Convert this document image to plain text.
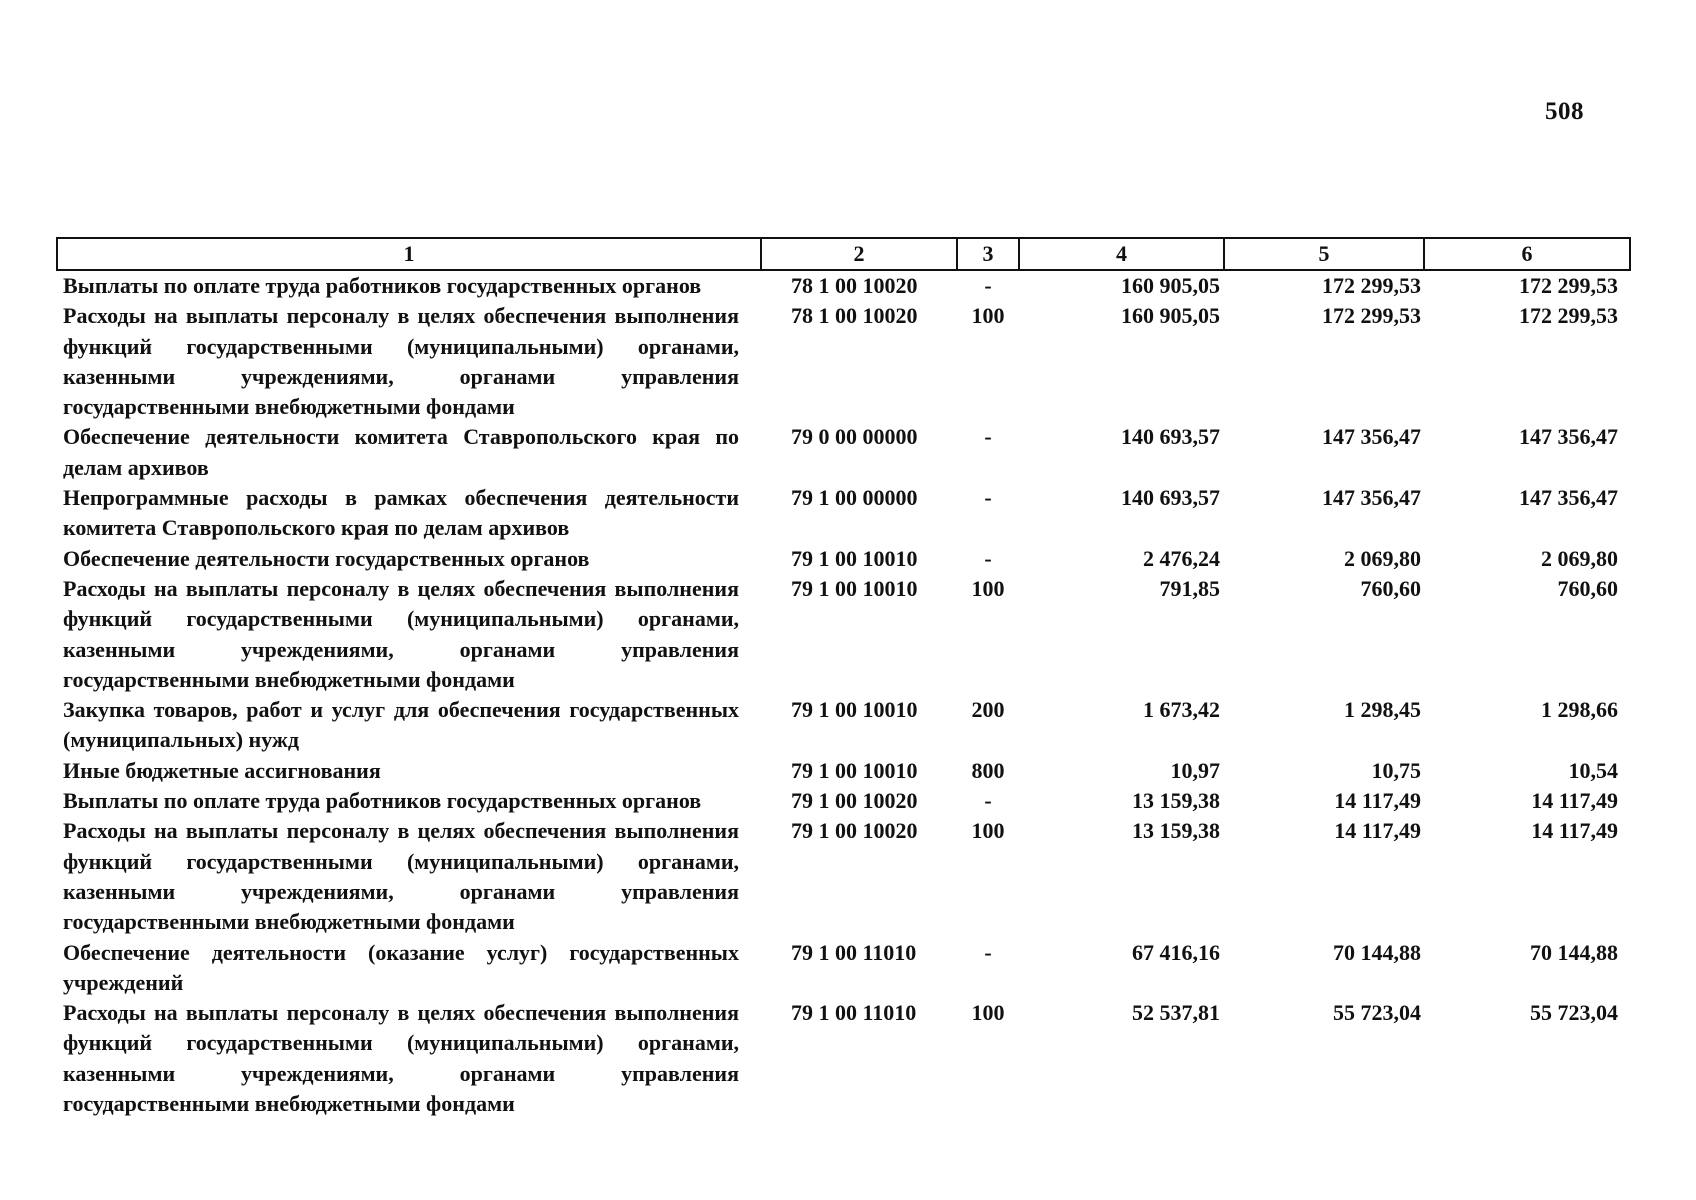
508
1	2	3	4	5	6
Выплаты по оплате труда работников государственных органов	78 1 00 10020	-	160 905,05	172 299,53	172 299,53
Расходы на выплаты персоналу в целях обеспечения выполнения функций государственными (муниципальными) органами, казенными учреждениями, органами управления государственными внебюджетными фондами	78 1 00 10020	100	160 905,05	172 299,53	172 299,53
Обеспечение деятельности комитета Ставропольского края по делам архивов	79 0 00 00000	-	140 693,57	147 356,47	147 356,47
Непрограммные расходы в рамках обеспечения деятельности комитета Ставропольского края по делам архивов	79 1 00 00000	-	140 693,57	147 356,47	147 356,47
Обеспечение деятельности государственных органов	79 1 00 10010	-	2 476,24	2 069,80	2 069,80
Расходы на выплаты персоналу в целях обеспечения выполнения функций государственными (муниципальными) органами, казенными учреждениями, органами управления государственными внебюджетными фондами	79 1 00 10010	100	791,85	760,60	760,60
Закупка товаров, работ и услуг для обеспечения государственных (муниципальных) нужд	79 1 00 10010	200	1 673,42	1 298,45	1 298,66
Иные бюджетные ассигнования	79 1 00 10010	800	10,97	10,75	10,54
Выплаты по оплате труда работников государственных органов	79 1 00 10020	-	13 159,38	14 117,49	14 117,49
Расходы на выплаты персоналу в целях обеспечения выполнения функций государственными (муниципальными) органами, казенными учреждениями, органами управления государственными внебюджетными фондами	79 1 00 10020	100	13 159,38	14 117,49	14 117,49
Обеспечение деятельности (оказание услуг) государственных учреждений	79 1 00 11010	-	67 416,16	70 144,88	70 144,88
Расходы на выплаты персоналу в целях обеспечения выполнения функций государственными (муниципальными) органами, казенными учреждениями, органами управления государственными внебюджетными фондами	79 1 00 11010	100	52 537,81	55 723,04	55 723,04
